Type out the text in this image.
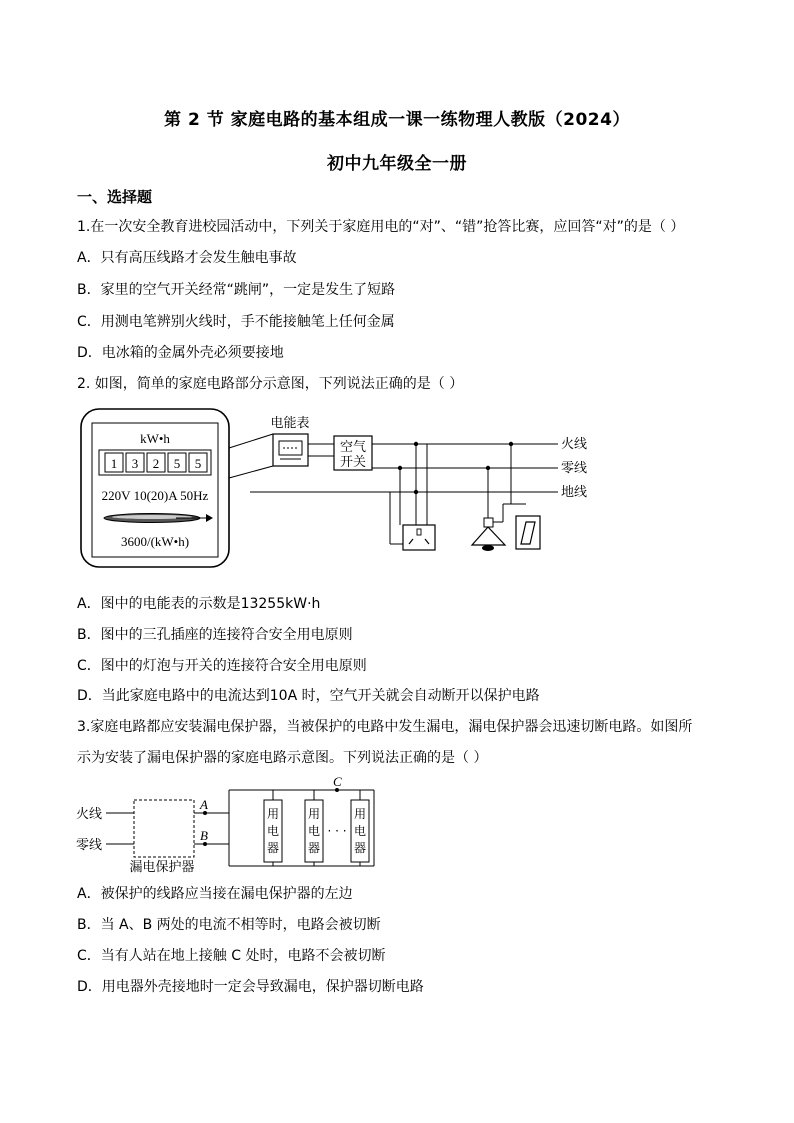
第 2 节 家庭电路的基本组成一课一练物理人教版（2024）
初中九年级全一册
一、选择题
1.在一次安全教育进校园活动中，下列关于家庭用电的“对”、“错”抢答比赛，应回答“对”的是（ ）
A．只有高压线路才会发生触电事故
B．家里的空气开关经常“跳闸”，一定是发生了短路
C．用测电笔辨别火线时，手不能接触笔上任何金属
D．电冰箱的金属外壳必须要接地
2. 如图，简单的家庭电路部分示意图，下列说法正确的是（ ）
kW•h
1 3 2 5 5
220V 10(20)A 50Hz
3600/(kW•h)
电能表
空气
开关
火线
零线
地线
A．图中的电能表的示数是13255kW·h
B．图中的三孔插座的连接符合安全用电原则
C．图中的灯泡与开关的连接符合安全用电原则
D．当此家庭电路中的电流达到10A 时，空气开关就会自动断开以保护电路
3.家庭电路都应安装漏电保护器，当被保护的电路中发生漏电，漏电保护器会迅速切断电路。如图所
示为安装了漏电保护器的家庭电路示意图。下列说法正确的是（ ）
火线
零线
漏电保护器
A
B
C
用
电
器
用
电
器
· · ·
用
电
器
A．被保护的线路应当接在漏电保护器的左边
B．当 A、B 两处的电流不相等时，电路会被切断
C．当有人站在地上接触 C 处时，电路不会被切断
D．用电器外壳接地时一定会导致漏电，保护器切断电路
